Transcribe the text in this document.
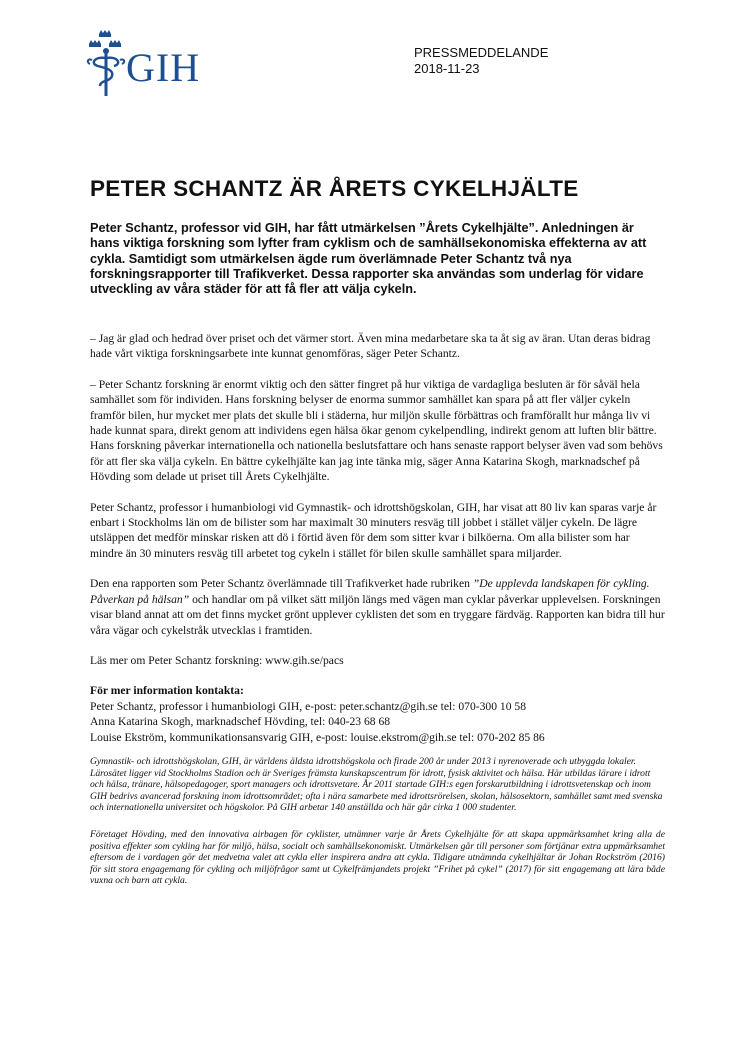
GIH	PRESSMEDDELANDE
2018-11-23
PETER SCHANTZ ÄR ÅRETS CYKELHJÄLTE

Peter Schantz, professor vid GIH, har fått utmärkelsen ”Årets Cykelhjälte”. Anledningen är hans viktiga forskning som lyfter fram cyklism och de samhällsekonomiska effekterna av att cykla. Samtidigt som utmärkelsen ägde rum överlämnade Peter Schantz två nya forskningsrapporter till Trafikverket. Dessa rapporter ska användas som underlag för vidare utveckling av våra städer för att få fler att välja cykeln.

– Jag är glad och hedrad över priset och det värmer stort. Även mina medarbetare ska ta åt sig av äran. Utan deras bidrag hade vårt viktiga forskningsarbete inte kunnat genomföras, säger Peter Schantz.

– Peter Schantz forskning är enormt viktig och den sätter fingret på hur viktiga de vardagliga besluten är för såväl hela samhället som för individen. Hans forskning belyser de enorma summor samhället kan spara på att fler väljer cykeln framför bilen, hur mycket mer plats det skulle bli i städerna, hur miljön skulle förbättras och framförallt hur många liv vi hade kunnat spara, direkt genom att individens egen hälsa ökar genom cykelpendling, indirekt genom att luften blir bättre. Hans forskning påverkar internationella och nationella beslutsfattare och hans senaste rapport belyser även vad som behövs för att fler ska välja cykeln. En bättre cykelhjälte kan jag inte tänka mig, säger Anna Katarina Skogh, marknadschef på Hövding som delade ut priset till Årets Cykelhjälte.

Peter Schantz, professor i humanbiologi vid Gymnastik- och idrottshögskolan, GIH, har visat att 80 liv kan sparas varje år enbart i Stockholms län om de bilister som har maximalt 30 minuters resväg till jobbet i stället väljer cykeln. De lägre utsläppen det medför minskar risken att dö i förtid även för dem som sitter kvar i bilköerna. Om alla bilister som har mindre än 30 minuters resväg till arbetet tog cykeln i stället för bilen skulle samhället spara miljarder.

Den ena rapporten som Peter Schantz överlämnade till Trafikverket hade rubriken ”De upplevda landskapen för cykling. Påverkan på hälsan” och handlar om på vilket sätt miljön längs med vägen man cyklar påverkar upplevelsen. Forskningen visar bland annat att om det finns mycket grönt upplever cyklisten det som en tryggare färdväg. Rapporten kan bidra till hur våra vägar och cykelstråk utvecklas i framtiden.

Läs mer om Peter Schantz forskning: www.gih.se/pacs

För mer information kontakta:
Peter Schantz, professor i humanbiologi GIH, e-post: peter.schantz@gih.se tel: 070-300 10 58
Anna Katarina Skogh, marknadschef Hövding, tel: 040-23 68 68
Louise Ekström, kommunikationsansvarig GIH, e-post: louise.ekstrom@gih.se tel: 070-202 85 86

Gymnastik- och idrottshögskolan, GIH, är världens äldsta idrottshögskola och firade 200 år under 2013 i nyrenoverade och utbyggda lokaler. Lärosätet ligger vid Stockholms Stadion och är Sveriges främsta kunskapscentrum för idrott, fysisk aktivitet och hälsa. Här utbildas lärare i idrott och hälsa, tränare, hälsopedagoger, sport managers och idrottsvetare. År 2011 startade GIH:s egen forskarutbildning i idrottsvetenskap och inom GIH bedrivs avancerad forskning inom idrottsområdet; ofta i nära samarbete med idrottsrörelsen, skolan, hälsosektorn, samhället samt med svenska och internationella universitet och högskolor. På GIH arbetar 140 anställda och här går cirka 1 000 studenter.

Företaget Hövding, med den innovativa airbagen för cyklister, utnämner varje år Årets Cykelhjälte för att skapa uppmärksamhet kring alla de positiva effekter som cykling har för miljö, hälsa, socialt och samhällsekonomiskt. Utmärkelsen går till personer som förtjänar extra uppmärksamhet eftersom de i vardagen gör det medvetna valet att cykla eller inspirera andra att cykla. Tidigare utnämnda cykelhjältar är Johan Rockström (2016) för sitt stora engagemang för cykling och miljöfrågor samt ut Cykelfrämjandets projekt ”Frihet på cykel” (2017) för sitt engagemang att lära både vuxna och barn att cykla.
